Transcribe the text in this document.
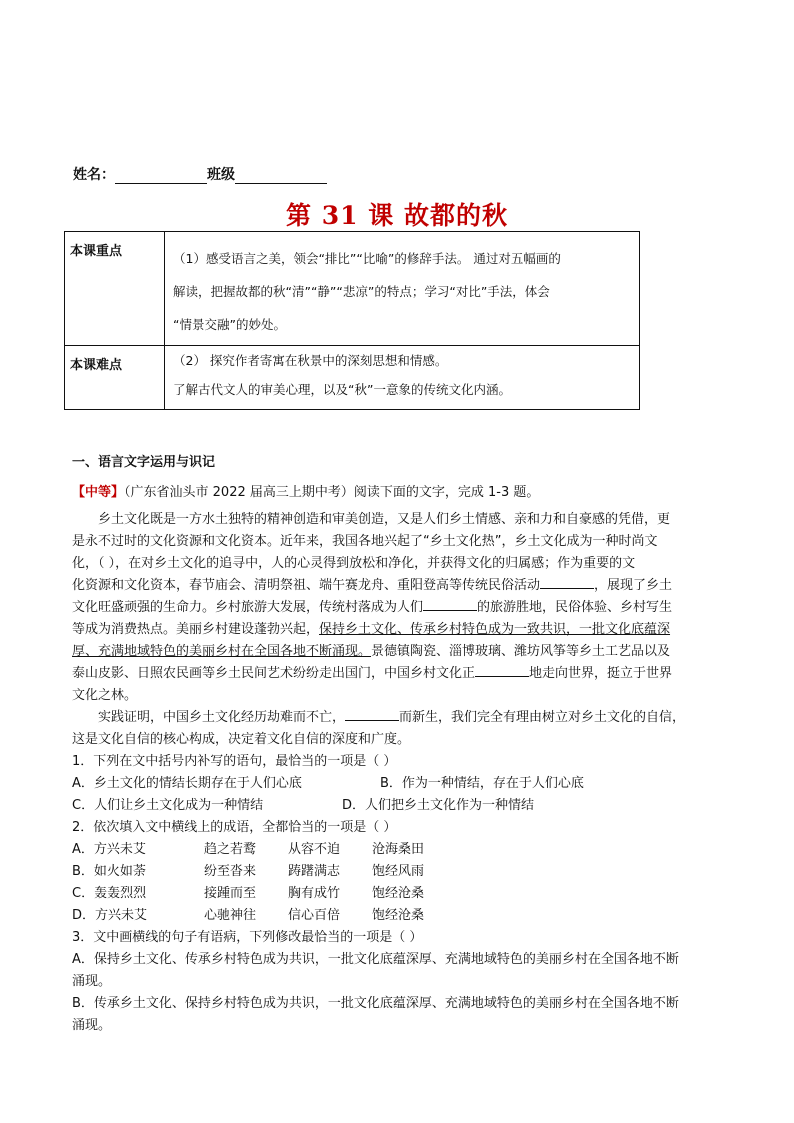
姓名：	班级
第 31 课 故都的秋
本课重点	（1）感受语言之美，领会“排比”“比喻”的修辞手法。 通过对五幅画的
解读，把握故都的秋“清”“静”“悲凉”的特点；学习“对比”手法，体会
“情景交融”的妙处。

本课难点	（2） 探究作者寄寓在秋景中的深刻思想和情感。
了解古代文人的审美心理，以及“秋”一意象的传统文化内涵。
一、语言文字运用与识记
【中等】（广东省汕头市 2022 届高三上期中考）阅读下面的文字，完成 1-3 题。
乡土文化既是一方水土独特的精神创造和审美创造，又是人们乡土情感、亲和力和自豪感的凭借，更
是永不过时的文化资源和文化资本。近年来，我国各地兴起了“乡土文化热”，乡土文化成为一种时尚文
化，（ ），在对乡土文化的追寻中，人的心灵得到放松和净化，并获得文化的归属感；作为重要的文
化资源和文化资本，春节庙会、清明祭祖、端午赛龙舟、重阳登高等传统民俗活动	，展现了乡土
文化旺盛顽强的生命力。乡村旅游大发展，传统村落成为人们	的旅游胜地，民俗体验、乡村写生
等成为消费热点。美丽乡村建设蓬勃兴起，保持乡土文化、传承乡村特色成为一致共识，一批文化底蕴深
厚、充满地域特色的美丽乡村在全国各地不断涌现。景德镇陶瓷、淄博玻璃、潍坊风筝等乡土工艺品以及
泰山皮影、日照农民画等乡土民间艺术纷纷走出国门，中国乡村文化正	地走向世界，挺立于世界
文化之林。
实践证明，中国乡土文化经历劫难而不亡，	而新生，我们完全有理由树立对乡土文化的自信，
这是文化自信的核心构成，决定着文化自信的深度和广度。
1．下列在文中括号内补写的语句，最恰当的一项是（ ）
A．乡土文化的情结长期存在于人们心底	B．作为一种情结，存在于人们心底
C．人们让乡土文化成为一种情结	D．人们把乡土文化作为一种情结
2．依次填入文中横线上的成语，全都恰当的一项是（ ）
A．方兴未艾	趋之若鹜 从容不迫 沧海桑田
B．如火如荼	纷至沓来 踌躇满志 饱经风雨
C．轰轰烈烈	接踵而至 胸有成竹 饱经沧桑
D．方兴未艾	心驰神往 信心百倍 饱经沧桑
3．文中画横线的句子有语病，下列修改最恰当的一项是（ ）
A．保持乡土文化、传承乡村特色成为共识，一批文化底蕴深厚、充满地域特色的美丽乡村在全国各地不断
涌现。
B．传承乡土文化、保持乡村特色成为共识，一批文化底蕴深厚、充满地域特色的美丽乡村在全国各地不断
涌现。
